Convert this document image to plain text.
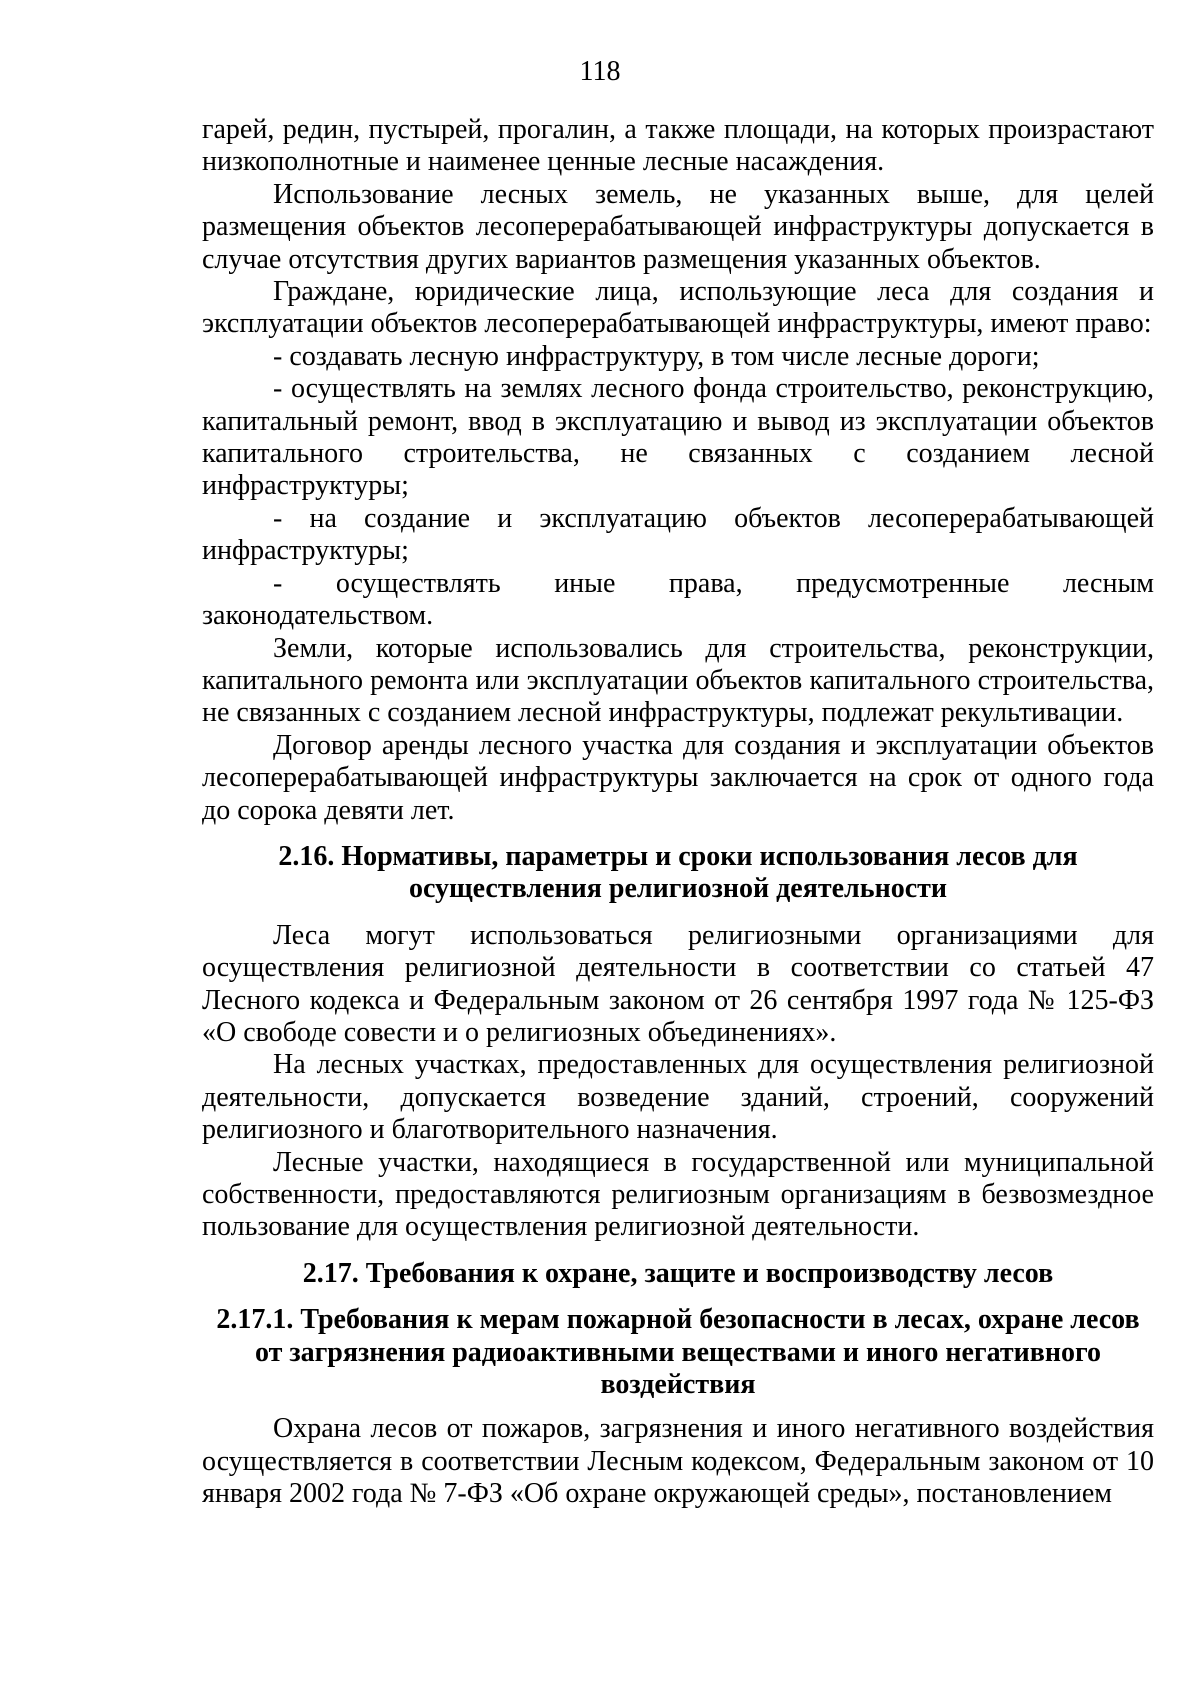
118

гарей, редин, пустырей, прогалин, а также площади, на которых произрастают низкополнотные и наименее ценные лесные насаждения.

Использование лесных земель, не указанных выше, для целей размещения объектов лесоперерабатывающей инфраструктуры допускается в случае отсутствия других вариантов размещения указанных объектов.

Граждане, юридические лица, использующие леса для создания и эксплуатации объектов лесоперерабатывающей инфраструктуры, имеют право:

- создавать лесную инфраструктуру, в том числе лесные дороги;

- осуществлять на землях лесного фонда строительство, реконструкцию, капитальный ремонт, ввод в эксплуатацию и вывод из эксплуатации объектов капитального строительства, не связанных с созданием лесной инфраструктуры;

- на создание и эксплуатацию объектов лесоперерабатывающей инфраструктуры;

- осуществлять иные права, предусмотренные лесным законодательством.

Земли, которые использовались для строительства, реконструкции, капитального ремонта или эксплуатации объектов капитального строительства, не связанных с созданием лесной инфраструктуры, подлежат рекультивации.

Договор аренды лесного участка для создания и эксплуатации объектов лесоперерабатывающей инфраструктуры заключается на срок от одного года до сорока девяти лет.

2.16. Нормативы, параметры и сроки использования лесов для
осуществления религиозной деятельности

Леса могут использоваться религиозными организациями для осуществления религиозной деятельности в соответствии со статьей 47 Лесного кодекса и Федеральным законом от 26 сентября 1997 года № 125-ФЗ «О свободе совести и о религиозных объединениях».

На лесных участках, предоставленных для осуществления религиозной деятельности, допускается возведение зданий, строений, сооружений религиозного и благотворительного назначения.

Лесные участки, находящиеся в государственной или муниципальной собственности, предоставляются религиозным организациям в безвозмездное пользование для осуществления религиозной деятельности.

2.17. Требования к охране, защите и воспроизводству лесов
2.17.1. Требования к мерам пожарной безопасности в лесах, охране лесов
от загрязнения радиоактивными веществами и иного негативного
воздействия

Охрана лесов от пожаров, загрязнения и иного негативного воздействия осуществляется в соответствии Лесным кодексом, Федеральным законом от 10 января 2002 года № 7-ФЗ «Об охране окружающей среды», постановлением
